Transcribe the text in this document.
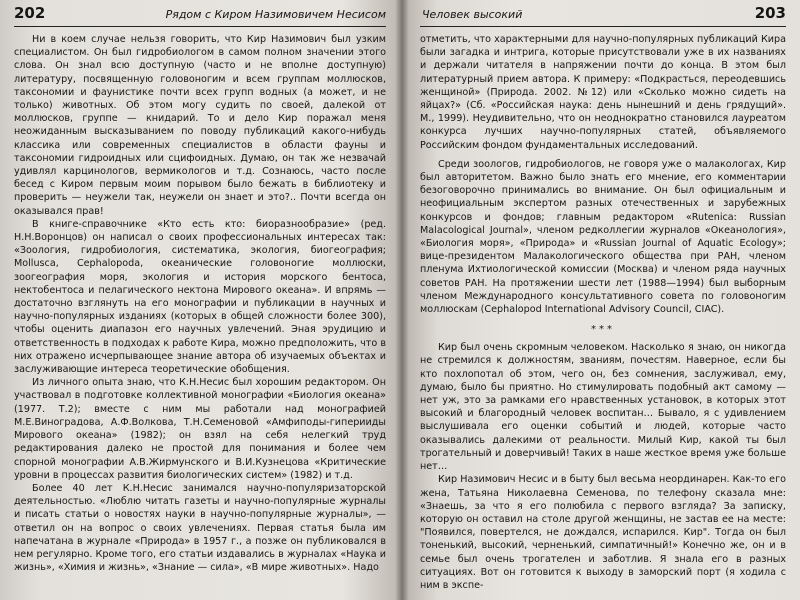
202	Рядом с Киром Назимовичем Несисом

Ни в коем случае нельзя говорить, что Кир Назимович был узким специалистом. Он был гидробиологом в самом полном значении этого слова. Он знал всю доступную (часто и не вполне доступную) литературу, посвященную головоногим и всем группам моллюсков, таксономии и фаунистике почти всех групп водных (а может, и не только) животных. Об этом могу судить по своей, далекой от моллюсков, группе — книдарий. То и дело Кир поражал меня неожиданным высказыванием по поводу публикаций какого-нибудь классика или современных специалистов в области фауны и таксономии гидроидных или сцифоидных. Думаю, он так же незвачай удивлял карцинологов, вермикологов и т.д. Сознаюсь, часто после бесед с Киром первым моим порывом было бежать в библиотеку и проверить — неужели так, неужели он знает и это?.. Почти всегда он оказывался прав!

В книге-справочнике «Кто есть кто: биоразнообразие» (ред. Н.Н.Воронцов) он написал о своих профессиональных интересах так: «Зоология, гидробиология, систематика, экология, биогеография; Mollusca, Cephalopoda, океанические головоногие моллюски, зоогеография моря, экология и история морского бентоса, нектобентоса и пелагического нектона Мирового океана». И впрямь — достаточно взглянуть на его монографии и публикации в научных и научно-популярных изданиях (которых в общей сложности более 300), чтобы оценить диапазон его научных увлечений. Эная эрудицию и ответственность в подходах к работе Кира, можно предположить, что в них отражено исчерпывающее знание автора об изучаемых объектах и заслуживающие интереса теоретические обобщения.

Из личного опыта знаю, что К.Н.Несис был хорошим редактором. Он участвовал в подготовке коллективной монографии «Биология океана» (1977. Т.2); вместе с ним мы работали над монографией М.Е.Виноградова, А.Ф.Волкова, Т.Н.Семеновой «Амфиподы-гиперииды Мирового океана» (1982); он взял на себя нелегкий труд редактирования далеко не простой для понимания и более чем спорной монографии А.В.Жирмунского и В.И.Кузнецова «Критические уровни в процессах развития биологических систем» (1982) и т.д.

Более 40 лет К.Н.Несис занимался научно-популяризаторской деятельностью. «Люблю читать газеты и научно-популярные журналы и писать статьи о новостях науки в научно-популярные журналы», — ответил он на вопрос о своих увлечениях. Первая статья была им напечатана в журнале «Природа» в 1957 г., а позже он публиковался в нем регулярно. Кроме того, его статьи издавались в журналах «Наука и жизнь», «Химия и жизнь», «Знание — сила», «В мире животных». Надо

Человек высокий	203

отметить, что характерными для научно-популярных публикаций Кира были загадка и интрига, которые присутствовали уже в их названиях и держали читателя в напряжении почти до конца. В этом был литературный прием автора. К примеру: «Подкрасться, переодевшись женщиной» (Природа. 2002. №12) или «Сколько можно сидеть на яйцах?» (Сб. «Российская наука: день нынешний и день грядущий». М., 1999). Неудивительно, что он неоднократно становился лауреатом конкурса лучших научно-популярных статей, объявляемого Российским фондом фундаментальных исследований.

Среди зоологов, гидробиологов, не говоря уже о малакологах, Кир был авторитетом. Важно было знать его мнение, его комментарии безоговорочно принимались во внимание. Он был официальным и неофициальным экспертом разных отечественных и зарубежных конкурсов и фондов; главным редактором «Rutenica: Russian Malacological Journal», членом редколлегии журналов «Океанология», «Биология моря», «Природа» и «Russian Journal of Aquatic Ecology»; вице-президентом Малакологического общества при РАН, членом пленума Ихтиологической комиссии (Москва) и членом ряда научных советов РАН. На протяжении шести лет (1988—1994) был выборным членом Международного консультативного совета по головоногим моллюскам (Cephalopod International Advisory Council, CIAC).

***

Кир был очень скромным человеком. Насколько я знаю, он никогда не стремился к должностям, званиям, почестям. Наверное, если бы кто похлопотал об этом, чего он, без сомнения, заслуживал, ему, думаю, было бы приятно. Но стимулировать подобный акт самому — нет уж, это за рамками его нравственных установок, в которых этот высокий и благородный человек воспитан… Бывало, я с удивлением выслушивала его оценки событий и людей, которые часто оказывались далекими от реальности. Милый Кир, какой ты был трогательный и доверчивый! Таких в наше жесткое время уже больше нет…

Кир Назимович Несис и в быту был весьма неординарен. Как-то его жена, Татьяна Николаевна Семенова, по телефону сказала мне: «Знаешь, за что я его полюбила с первого взгляда? За записку, которую он оставил на столе другой женщины, не застав ее на месте: "Появился, повертелся, не дождался, испарился. Кир". Тогда он был тоненький, высокий, черненький, симпатичный!» Конечно же, он и в семье был очень трогателен и заботлив. Я знала его в разных ситуациях. Вот он готовится к выходу в заморский порт (я ходила с ним в экспе-
